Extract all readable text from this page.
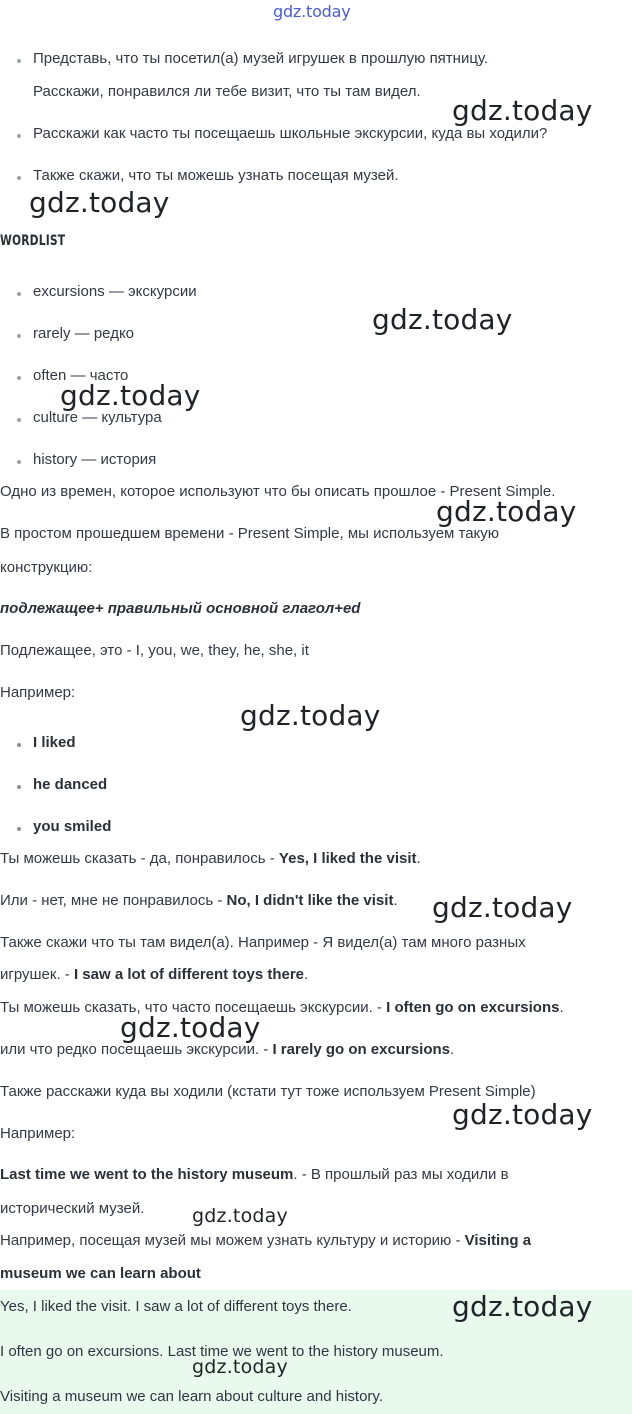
gdz.today
Представь, что ты посетил(а) музей игрушек в прошлую пятницу.
Расскажи, понравился ли тебе визит, что ты там видел.
Расскажи как часто ты посещаешь школьные экскурсии, куда вы ходили?
Также скажи, что ты можешь узнать посещая музей.
WORDLIST
excursions — экскурсии
rarely — редко
often — часто
culture — культура
history — история
Одно из времен, которое используют что бы описать прошлое - Present Simple.
В простом прошедшем времени - Present Simple, мы используем такую
конструкцию:
подлежащее+ правильный основной глагол+ed
Подлежащее, это - I, you, we, they, he, she, it
Например:
I liked
he danced
you smiled
Ты можешь сказать - да, понравилось - Yes, I liked the visit.
Или - нет, мне не понравилось - No, I didn't like the visit.
Также скажи что ты там видел(а). Например - Я видел(а) там много разных
игрушек. - I saw a lot of different toys there.
Ты можешь сказать, что часто посещаешь экскурсии. - I often go on excursions.
или что редко посещаешь экскурсии. - I rarely go on excursions.
Также расскажи куда вы ходили (кстати тут тоже используем Present Simple)
Например:
Last time we went to the history museum. - В прошлый раз мы ходили в
исторический музей.
Например, посещая музей мы можем узнать культуру и историю - Visiting a
museum we can learn about
Yes, I liked the visit. I saw a lot of different toys there.
I often go on excursions. Last time we went to the history museum.
Visiting a museum we can learn about culture and history.
gdz.today
gdz.today
gdz.today
gdz.today
gdz.today
gdz.today
gdz.today
gdz.today
gdz.today
gdz.today
gdz.today
gdz.today
